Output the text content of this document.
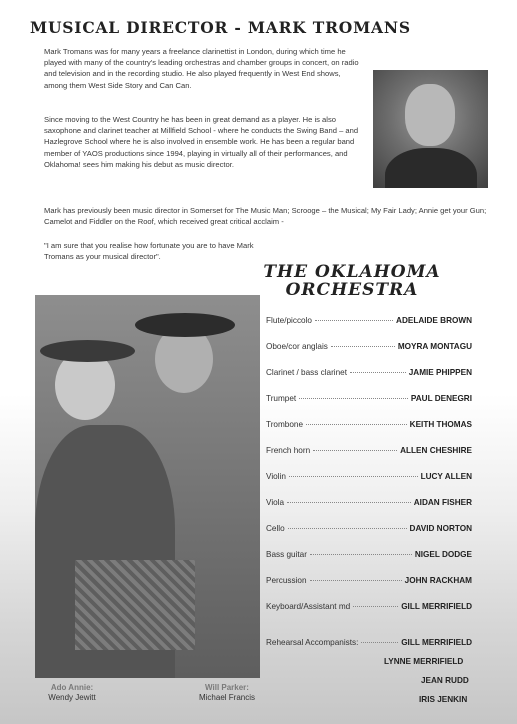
MUSICAL DIRECTOR - MARK TROMANS

Mark Tromans was for many years a freelance clarinettist in London, during which time he played with many of the country's leading orchestras and chamber groups in concert, on radio and television and in the recording studio. He also played frequently in West End shows, among them West Side Story and Can Can.

Since moving to the West Country he has been in great demand as a player. He is also saxophone and clarinet teacher at Millfield School - where he conducts the Swing Band – and Hazlegrove School where he is also involved in ensemble work. He has been a regular band member of YAOS productions since 1994, playing in virtually all of their performances, and Oklahoma! sees him making his debut as music director.

Mark has previously been music director in Somerset for The Music Man; Scrooge – the Musical; My Fair Lady; Annie get your Gun; Camelot and Fiddler on the Roof, which received great critical acclaim -

"I am sure that you realise how fortunate you are to have Mark Tromans as your musical director".

THE OKLAHOMA
ORCHESTRA
Ado Annie:
Wendy Jewitt
Will Parker:
Michael Francis
Flute/piccolo	ADELAIDE BROWN
Oboe/cor anglais	MOYRA MONTAGU
Clarinet / bass clarinet	JAMIE PHIPPEN
Trumpet	PAUL DENEGRI
Trombone	KEITH THOMAS
French horn	ALLEN CHESHIRE
Violin	LUCY ALLEN
Viola	AIDAN FISHER
Cello	DAVID NORTON
Bass guitar	NIGEL DODGE
Percussion	JOHN RACKHAM
Keyboard/Assistant md	GILL MERRIFIELD
Rehearsal Accompanists:	GILL MERRIFIELD
LYNNE MERRIFIELD
JEAN RUDD
IRIS JENKIN
